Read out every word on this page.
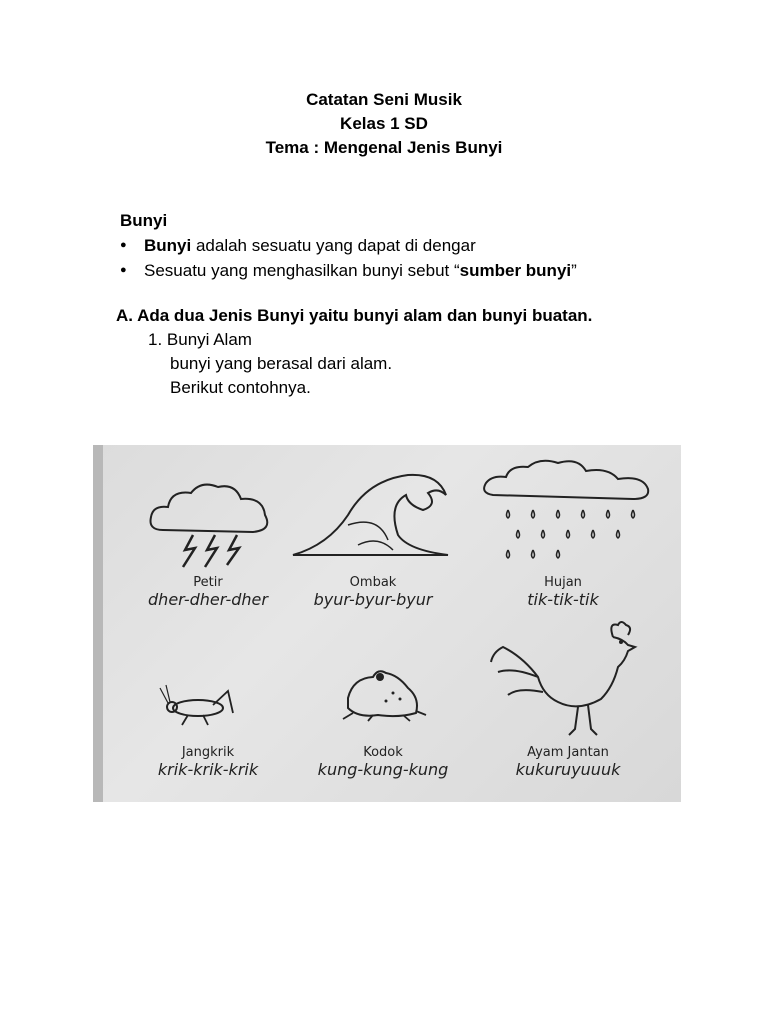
Catatan Seni Musik
Kelas 1 SD
Tema : Mengenal Jenis Bunyi
Bunyi
● Bunyi adalah sesuatu yang dapat di dengar
● Sesuatu yang menghasilkan bunyi sebut “sumber bunyi”
A. Ada dua Jenis Bunyi yaitu bunyi alam dan bunyi buatan.
1. Bunyi Alam
bunyi yang berasal dari alam.
Berikut contohnya.
Petir
dher-dher-dher
Ombak
byur-byur-byur
Hujan
tik-tik-tik
Jangkrik
krik-krik-krik
Kodok
kung-kung-kung
Ayam Jantan
kukuruyuuuk
